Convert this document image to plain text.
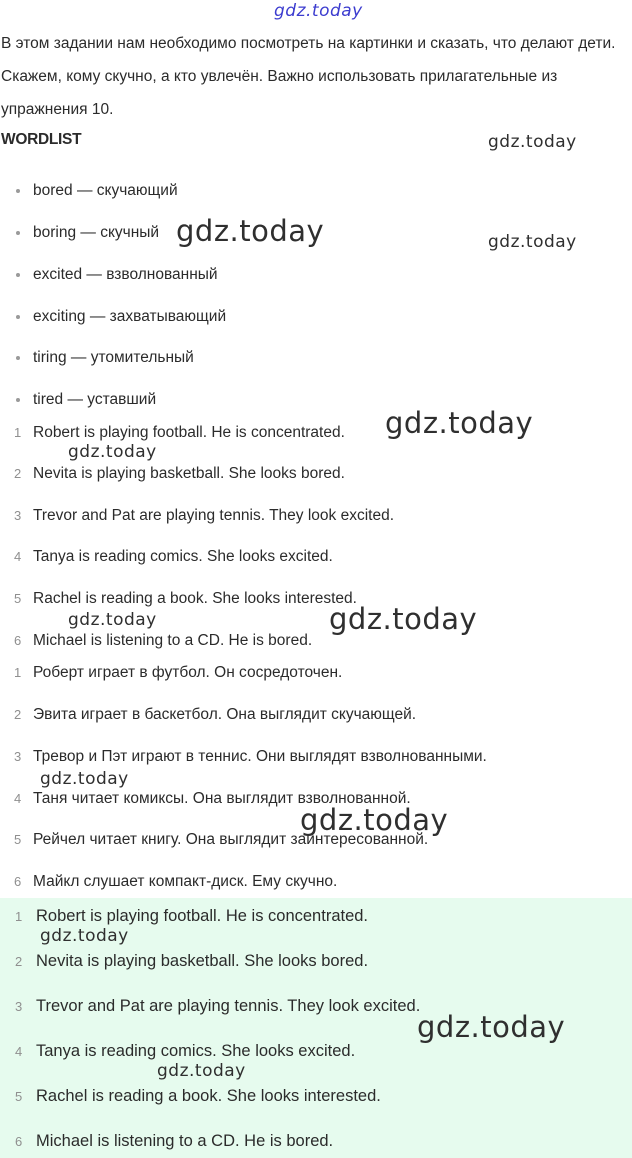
gdz.today
В этом задании нам необходимо посмотреть на картинки и сказать, что делают дети. Скажем, кому скучно, а кто увлечён. Важно использовать прилагательные из упражнения 10.
WORDLIST
bored — скучающий
boring — скучный
excited — взволнованный
exciting — захватывающий
tiring — утомительный
tired — уставший
1 Robert is playing football. He is concentrated.
2 Nevita is playing basketball. She looks bored.
3 Trevor and Pat are playing tennis. They look excited.
4 Tanya is reading comics. She looks excited.
5 Rachel is reading a book. She looks interested.
6 Michael is listening to a CD. He is bored.
1 Роберт играет в футбол. Он сосредоточен.
2 Эвита играет в баскетбол. Она выглядит скучающей.
3 Тревор и Пэт играют в теннис. Они выглядят взволнованными.
4 Таня читает комиксы. Она выглядит взволнованной.
5 Рейчел читает книгу. Она выглядит заинтересованной.
6 Майкл слушает компакт-диск. Ему скучно.
1 Robert is playing football. He is concentrated.
2 Nevita is playing basketball. She looks bored.
3 Trevor and Pat are playing tennis. They look excited.
4 Tanya is reading comics. She looks excited.
5 Rachel is reading a book. She looks interested.
6 Michael is listening to a CD. He is bored.
gdz.today
gdz.today	gdz.today
gdz.today
gdz.today
gdz.today	gdz.today
gdz.today
gdz.today
gdz.today
gdz.today
gdz.today
